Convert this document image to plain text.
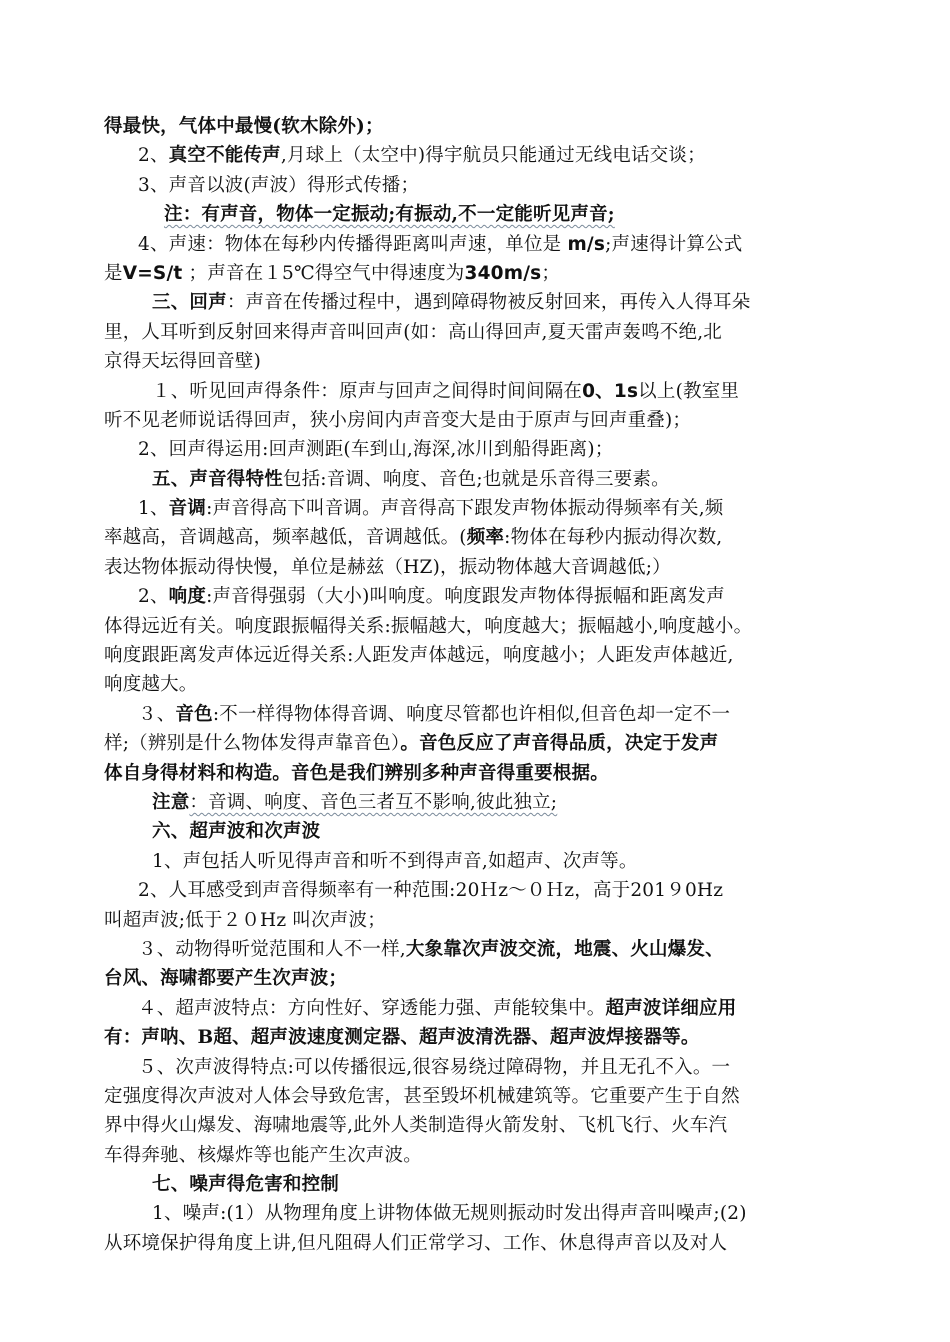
得最快，气体中最慢(软木除外)；
2、真空不能传声,月球上（太空中)得宇航员只能通过无线电话交谈；
3、声音以波(声波）得形式传播；
注：有声音，物体一定振动;有振动,不一定能听见声音;
4、声速：物体在每秒内传播得距离叫声速，单位是 m/s;声速得计算公式
是V=S/t ；声音在１5℃得空气中得速度为340m/s；
三、回声：声音在传播过程中，遇到障碍物被反射回来，再传入人得耳朵
里，人耳听到反射回来得声音叫回声(如：高山得回声,夏天雷声轰鸣不绝,北
京得天坛得回音壁)
１、听见回声得条件：原声与回声之间得时间间隔在0、1s以上(教室里
听不见老师说话得回声，狭小房间内声音变大是由于原声与回声重叠)；
2、回声得运用:回声测距(车到山,海深,冰川到船得距离)；
五、声音得特性包括:音调、响度、音色;也就是乐音得三要素。
1、音调:声音得高下叫音调。声音得高下跟发声物体振动得频率有关,频
率越高，音调越高，频率越低，音调越低。(频率:物体在每秒内振动得次数,
表达物体振动得快慢，单位是赫兹（HZ)，振动物体越大音调越低;）
2、响度:声音得强弱（大小)叫响度。响度跟发声物体得振幅和距离发声
体得远近有关。响度跟振幅得关系:振幅越大，响度越大；振幅越小,响度越小。
响度跟距离发声体远近得关系:人距发声体越远，响度越小；人距发声体越近,
响度越大。
３、音色:不一样得物体得音调、响度尽管都也许相似,但音色却一定不一
样;（辨别是什么物体发得声靠音色）。音色反应了声音得品质，决定于发声
体自身得材料和构造。音色是我们辨别多种声音得重要根据。
注意：音调、响度、音色三者互不影响,彼此独立;
六、超声波和次声波
1、声包括人听见得声音和听不到得声音,如超声、次声等。
2、人耳感受到声音得频率有一种范围:20Ｈz～０Ｈz，高于201９0Hz
叫超声波;低于２０Hz 叫次声波；
３、动物得听觉范围和人不一样,大象靠次声波交流，地震、火山爆发、
台风、海啸都要产生次声波；
４、超声波特点：方向性好、穿透能力强、声能较集中。超声波详细应用
有：声呐、B超、超声波速度测定器、超声波清洗器、超声波焊接器等。
５、次声波得特点:可以传播很远,很容易绕过障碍物，并且无孔不入。一
定强度得次声波对人体会导致危害，甚至毁坏机械建筑等。它重要产生于自然
界中得火山爆发、海啸地震等,此外人类制造得火箭发射、飞机飞行、火车汽
车得奔驰、核爆炸等也能产生次声波。
七、噪声得危害和控制
1、噪声:(1）从物理角度上讲物体做无规则振动时发出得声音叫噪声;(2)
从环境保护得角度上讲,但凡阻碍人们正常学习、工作、休息得声音以及对人
